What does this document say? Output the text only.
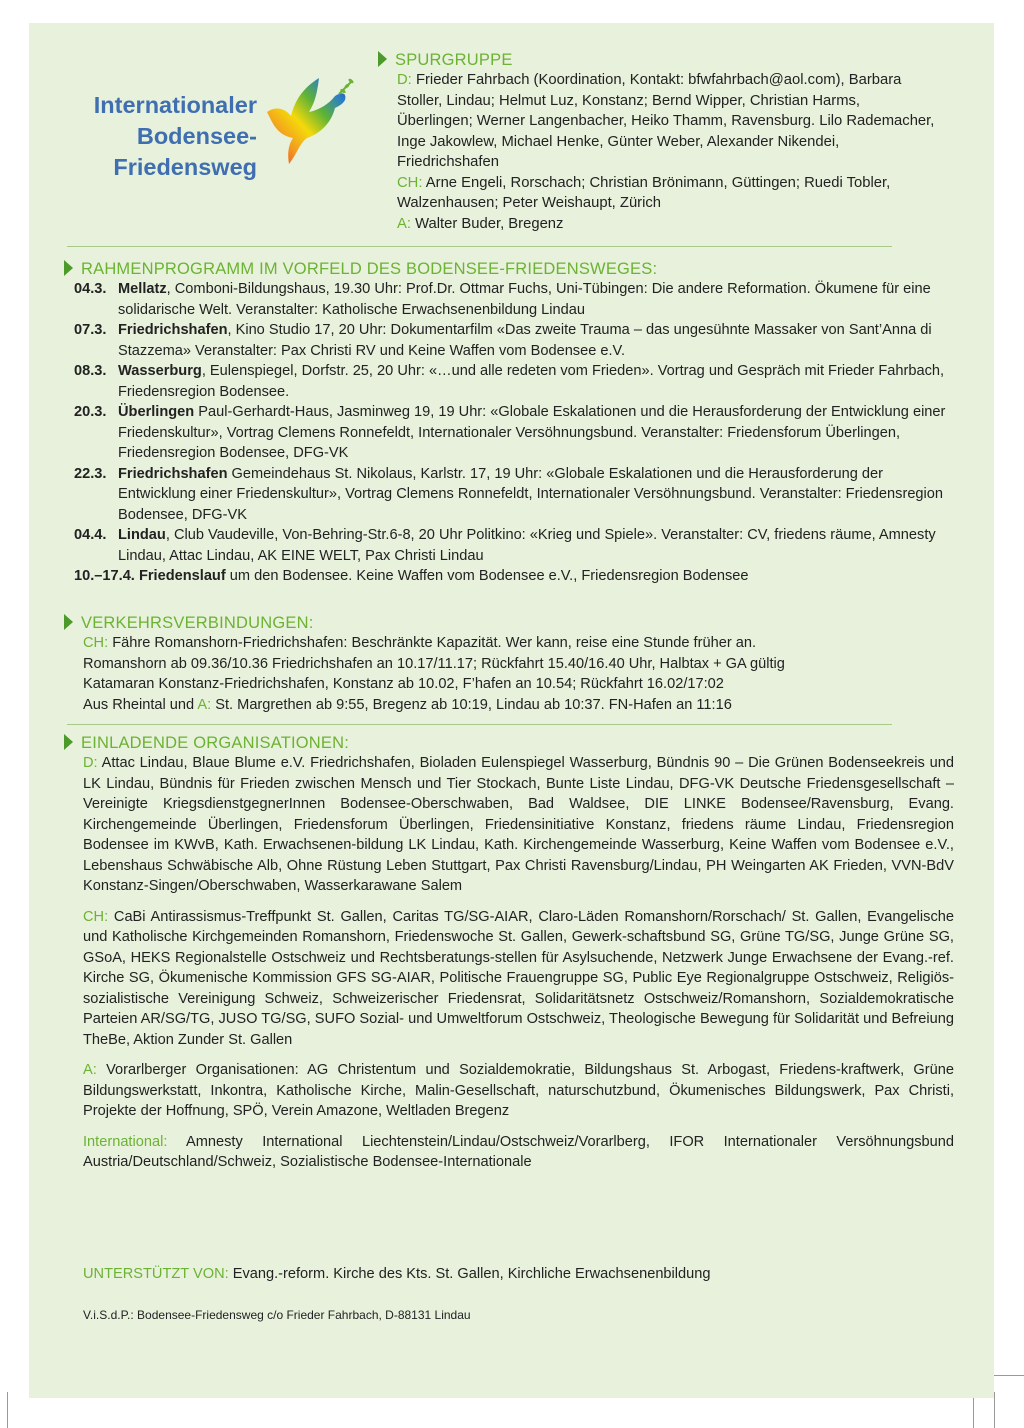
Internationaler
Bodensee-
Friedensweg
SPURGRUPPE

D: Frieder Fahrbach (Koordination, Kontakt: bfwfahrbach@aol.com), Barbara Stoller, Lindau; Helmut Luz, Konstanz; Bernd Wipper, Christian Harms, Überlingen; Werner Langenbacher, Heiko Thamm, Ravensburg. Lilo Rademacher, Inge Jakowlew, Michael Henke, Günter Weber, Alexander Nikendei, Friedrichshafen

CH: Arne Engeli, Rorschach; Christian Brönimann, Güttingen; Ruedi Tobler, Walzenhausen; Peter Weishaupt, Zürich

A: Walter Buder, Bregenz

RAHMENPROGRAMM IM VORFELD DES BODENSEE-FRIEDENSWEGES:
04.3. Mellatz, Comboni-Bildungshaus, 19.30 Uhr: Prof.Dr. Ottmar Fuchs, Uni-Tübingen: Die andere Reformation. Ökumene für eine solidarische Welt. Veranstalter: Katholische Erwachsenenbildung Lindau
07.3. Friedrichshafen, Kino Studio 17, 20 Uhr: Dokumentarfilm «Das zweite Trauma – das ungesühnte Massaker von Sant’Anna di Stazzema» Veranstalter: Pax Christi RV und Keine Waffen vom Bodensee e.V.
08.3. Wasserburg, Eulenspiegel, Dorfstr. 25, 20 Uhr: «…und alle redeten vom Frieden». Vortrag und Gespräch mit Frieder Fahrbach, Friedensregion Bodensee.
20.3. Überlingen Paul-Gerhardt-Haus, Jasminweg 19, 19 Uhr: «Globale Eskalationen und die Herausforderung der Entwicklung einer Friedenskultur», Vortrag Clemens Ronnefeldt, Internationaler Versöhnungsbund. Veranstalter: Friedensforum Überlingen, Friedensregion Bodensee, DFG-VK
22.3. Friedrichshafen Gemeindehaus St. Nikolaus, Karlstr. 17, 19 Uhr: «Globale Eskalationen und die Herausforderung der Entwicklung einer Friedenskultur», Vortrag Clemens Ronnefeldt, Internationaler Versöhnungsbund. Veranstalter: Friedensregion Bodensee, DFG-VK
04.4. Lindau, Club Vaudeville, Von-Behring-Str.6-8, 20 Uhr Politkino: «Krieg und Spiele». Veranstalter: CV, friedens räume, Amnesty Lindau, Attac Lindau, AK EINE WELT, Pax Christi Lindau
10.–17.4. Friedenslauf um den Bodensee. Keine Waffen vom Bodensee e.V., Friedensregion Bodensee
VERKEHRSVERBINDUNGEN:

CH: Fähre Romanshorn-Friedrichshafen: Beschränkte Kapazität. Wer kann, reise eine Stunde früher an.

Romanshorn ab 09.36/10.36 Friedrichshafen an 10.17/11.17; Rückfahrt 15.40/16.40 Uhr, Halbtax + GA gültig

Katamaran Konstanz-Friedrichshafen, Konstanz ab 10.02, F’hafen an 10.54; Rückfahrt 16.02/17:02

Aus Rheintal und A: St. Margrethen ab 9:55, Bregenz ab 10:19, Lindau ab 10:37. FN-Hafen an 11:16

EINLADENDE ORGANISATIONEN:

D: Attac Lindau, Blaue Blume e.V. Friedrichshafen, Bioladen Eulenspiegel Wasserburg, Bündnis 90 – Die Grünen Bodenseekreis und LK Lindau, Bündnis für Frieden zwischen Mensch und Tier Stockach, Bunte Liste Lindau, DFG-VK Deutsche Friedensgesellschaft – Vereinigte KriegsdienstgegnerInnen Bodensee-Oberschwaben, Bad Waldsee, DIE LINKE Bodensee/Ravensburg, Evang. Kirchengemeinde Überlingen, Friedensforum Überlingen, Friedensinitiative Konstanz, friedens räume Lindau, Friedensregion Bodensee im KWvB, Kath. Erwachsenen-bildung LK Lindau, Kath. Kirchengemeinde Wasserburg, Keine Waffen vom Bodensee e.V., Lebenshaus Schwäbische Alb, Ohne Rüstung Leben Stuttgart, Pax Christi Ravensburg/Lindau, PH Weingarten AK Frieden, VVN-BdV Konstanz-Singen/Oberschwaben, Wasserkarawane Salem

CH: CaBi Antirassismus-Treffpunkt St. Gallen, Caritas TG/SG-AIAR, Claro-Läden Romanshorn/Rorschach/ St. Gallen, Evangelische und Katholische Kirchgemeinden Romanshorn, Friedenswoche St. Gallen, Gewerk-schaftsbund SG, Grüne TG/SG, Junge Grüne SG, GSoA, HEKS Regionalstelle Ostschweiz und Rechtsberatungs-stellen für Asylsuchende, Netzwerk Junge Erwachsene der Evang.-ref. Kirche SG, Ökumenische Kommission GFS SG-AIAR, Politische Frauengruppe SG, Public Eye Regionalgruppe Ostschweiz, Religiös-sozialistische Vereinigung Schweiz, Schweizerischer Friedensrat, Solidaritätsnetz Ostschweiz/Romanshorn, Sozialdemokratische Parteien AR/SG/TG, JUSO TG/SG, SUFO Sozial- und Umweltforum Ostschweiz, Theologische Bewegung für Solidarität und Befreiung TheBe, Aktion Zunder St. Gallen

A: Vorarlberger Organisationen: AG Christentum und Sozialdemokratie, Bildungshaus St. Arbogast, Friedens-kraftwerk, Grüne Bildungswerkstatt, Inkontra, Katholische Kirche, Malin-Gesellschaft, naturschutzbund, Ökumenisches Bildungswerk, Pax Christi, Projekte der Hoffnung, SPÖ, Verein Amazone, Weltladen Bregenz

International: Amnesty International Liechtenstein/Lindau/Ostschweiz/Vorarlberg, IFOR Internationaler Versöhnungsbund Austria/Deutschland/Schweiz, Sozialistische Bodensee-Internationale

UNTERSTÜTZT VON: Evang.-reform. Kirche des Kts. St. Gallen, Kirchliche Erwachsenenbildung
V.i.S.d.P.: Bodensee-Friedensweg c/o Frieder Fahrbach, D-88131 Lindau
